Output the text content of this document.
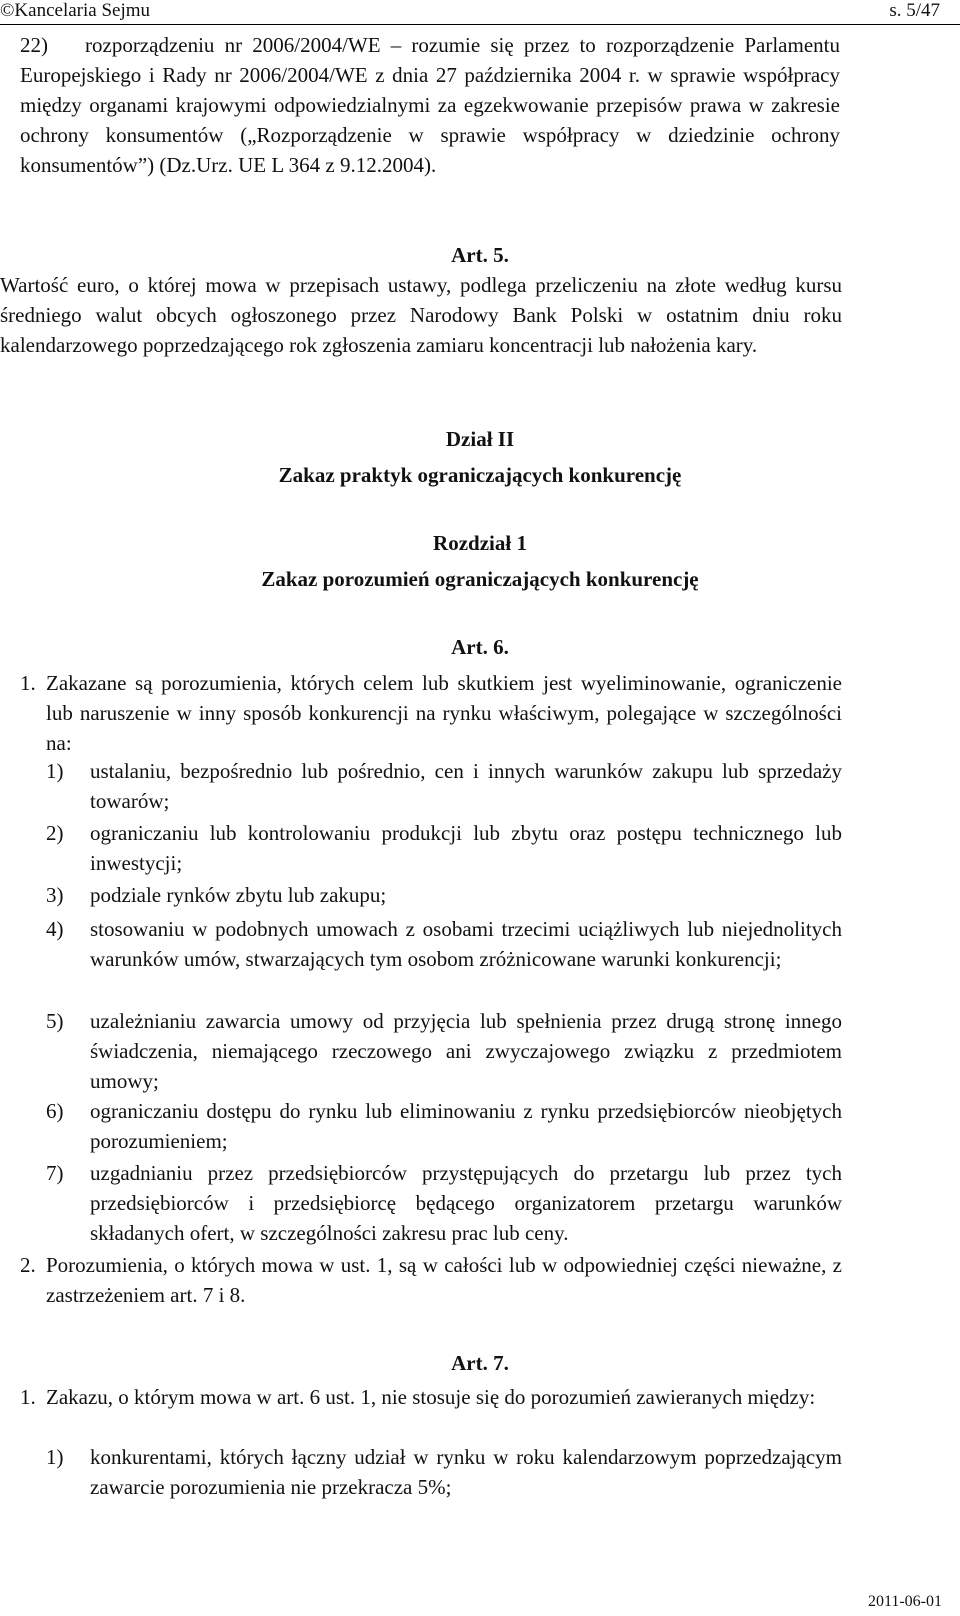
©Kancelaria Sejmu	s. 5/47
22)	rozporządzeniu nr 2006/2004/WE – rozumie się przez to rozporządzenie Parlamentu Europejskiego i Rady nr 2006/2004/WE z dnia 27 października 2004 r. w sprawie współpracy między organami krajowymi odpowiedzialnymi za egzekwowanie przepisów prawa w zakresie ochrony konsumentów („Rozporządzenie w sprawie współpracy w dziedzinie ochrony konsumentów”) (Dz.Urz. UE L 364 z 9.12.2004).
Art. 5.
Wartość euro, o której mowa w przepisach ustawy, podlega przeliczeniu na złote według kursu średniego walut obcych ogłoszonego przez Narodowy Bank Polski w ostatnim dniu roku kalendarzowego poprzedzającego rok zgłoszenia zamiaru koncentracji lub nałożenia kary.
Dział II
Zakaz praktyk ograniczających konkurencję
Rozdział 1
Zakaz porozumień ograniczających konkurencję
Art. 6.
1. Zakazane są porozumienia, których celem lub skutkiem jest wyeliminowanie, ograniczenie lub naruszenie w inny sposób konkurencji na rynku właściwym, polegające w szczególności na:
1) ustalaniu, bezpośrednio lub pośrednio, cen i innych warunków zakupu lub sprzedaży towarów;
2) ograniczaniu lub kontrolowaniu produkcji lub zbytu oraz postępu technicznego lub inwestycji;
3) podziale rynków zbytu lub zakupu;
4) stosowaniu w podobnych umowach z osobami trzecimi uciążliwych lub niejednolitych warunków umów, stwarzających tym osobom zróżnicowane warunki konkurencji;
5) uzależnianiu zawarcia umowy od przyjęcia lub spełnienia przez drugą stronę innego świadczenia, niemającego rzeczowego ani zwyczajowego związku z przedmiotem umowy;
6) ograniczaniu dostępu do rynku lub eliminowaniu z rynku przedsiębiorców nieobjętych porozumieniem;
7) uzgadnianiu przez przedsiębiorców przystępujących do przetargu lub przez tych przedsiębiorców i przedsiębiorcę będącego organizatorem przetargu warunków składanych ofert, w szczególności zakresu prac lub ceny.
2. Porozumienia, o których mowa w ust. 1, są w całości lub w odpowiedniej części nieważne, z zastrzeżeniem art. 7 i 8.
Art. 7.
1. Zakazu, o którym mowa w art. 6 ust. 1, nie stosuje się do porozumień zawieranych między:
1) konkurentami, których łączny udział w rynku w roku kalendarzowym poprzedzającym zawarcie porozumienia nie przekracza 5%;
2011-06-01
